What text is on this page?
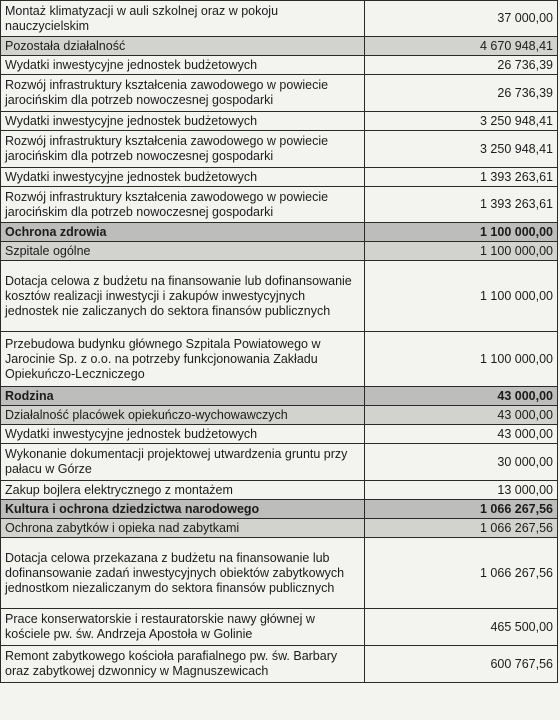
Montaż klimatyzacji w auli szkolnej oraz w pokoju nauczycielskim	37 000,00
Pozostała działalność	4 670 948,41
Wydatki inwestycyjne jednostek budżetowych	26 736,39
Rozwój infrastruktury kształcenia zawodowego w powiecie jarocińskim dla potrzeb nowoczesnej gospodarki	26 736,39
Wydatki inwestycyjne jednostek budżetowych	3 250 948,41
Rozwój infrastruktury kształcenia zawodowego w powiecie jarocińskim dla potrzeb nowoczesnej gospodarki	3 250 948,41
Wydatki inwestycyjne jednostek budżetowych	1 393 263,61
Rozwój infrastruktury kształcenia zawodowego w powiecie jarocińskim dla potrzeb nowoczesnej gospodarki	1 393 263,61
Ochrona zdrowia	1 100 000,00
Szpitale ogólne	1 100 000,00
Dotacja celowa z budżetu na finansowanie lub dofinansowanie kosztów realizacji inwestycji i zakupów inwestycyjnych jednostek nie zaliczanych do sektora finansów publicznych	1 100 000,00
Przebudowa budynku głównego Szpitala Powiatowego w Jarocinie Sp. z o.o. na potrzeby funkcjonowania Zakładu Opiekuńczo-Leczniczego	1 100 000,00
Rodzina	43 000,00
Działalność placówek opiekuńczo-wychowawczych	43 000,00
Wydatki inwestycyjne jednostek budżetowych	43 000,00
Wykonanie dokumentacji projektowej utwardzenia gruntu przy pałacu w Górze	30 000,00
Zakup bojlera elektrycznego z montażem	13 000,00
Kultura i ochrona dziedzictwa narodowego	1 066 267,56
Ochrona zabytków i opieka nad zabytkami	1 066 267,56
Dotacja celowa przekazana z budżetu na finansowanie lub dofinansowanie zadań inwestycyjnych obiektów zabytkowych jednostkom niezaliczanym do sektora finansów publicznych	1 066 267,56
Prace konserwatorskie i restauratorskie nawy głównej w kościele pw. św. Andrzeja Apostoła w Golinie	465 500,00
Remont zabytkowego kościoła parafialnego pw. św. Barbary oraz zabytkowej dzwonnicy w Magnuszewicach	600 767,56
